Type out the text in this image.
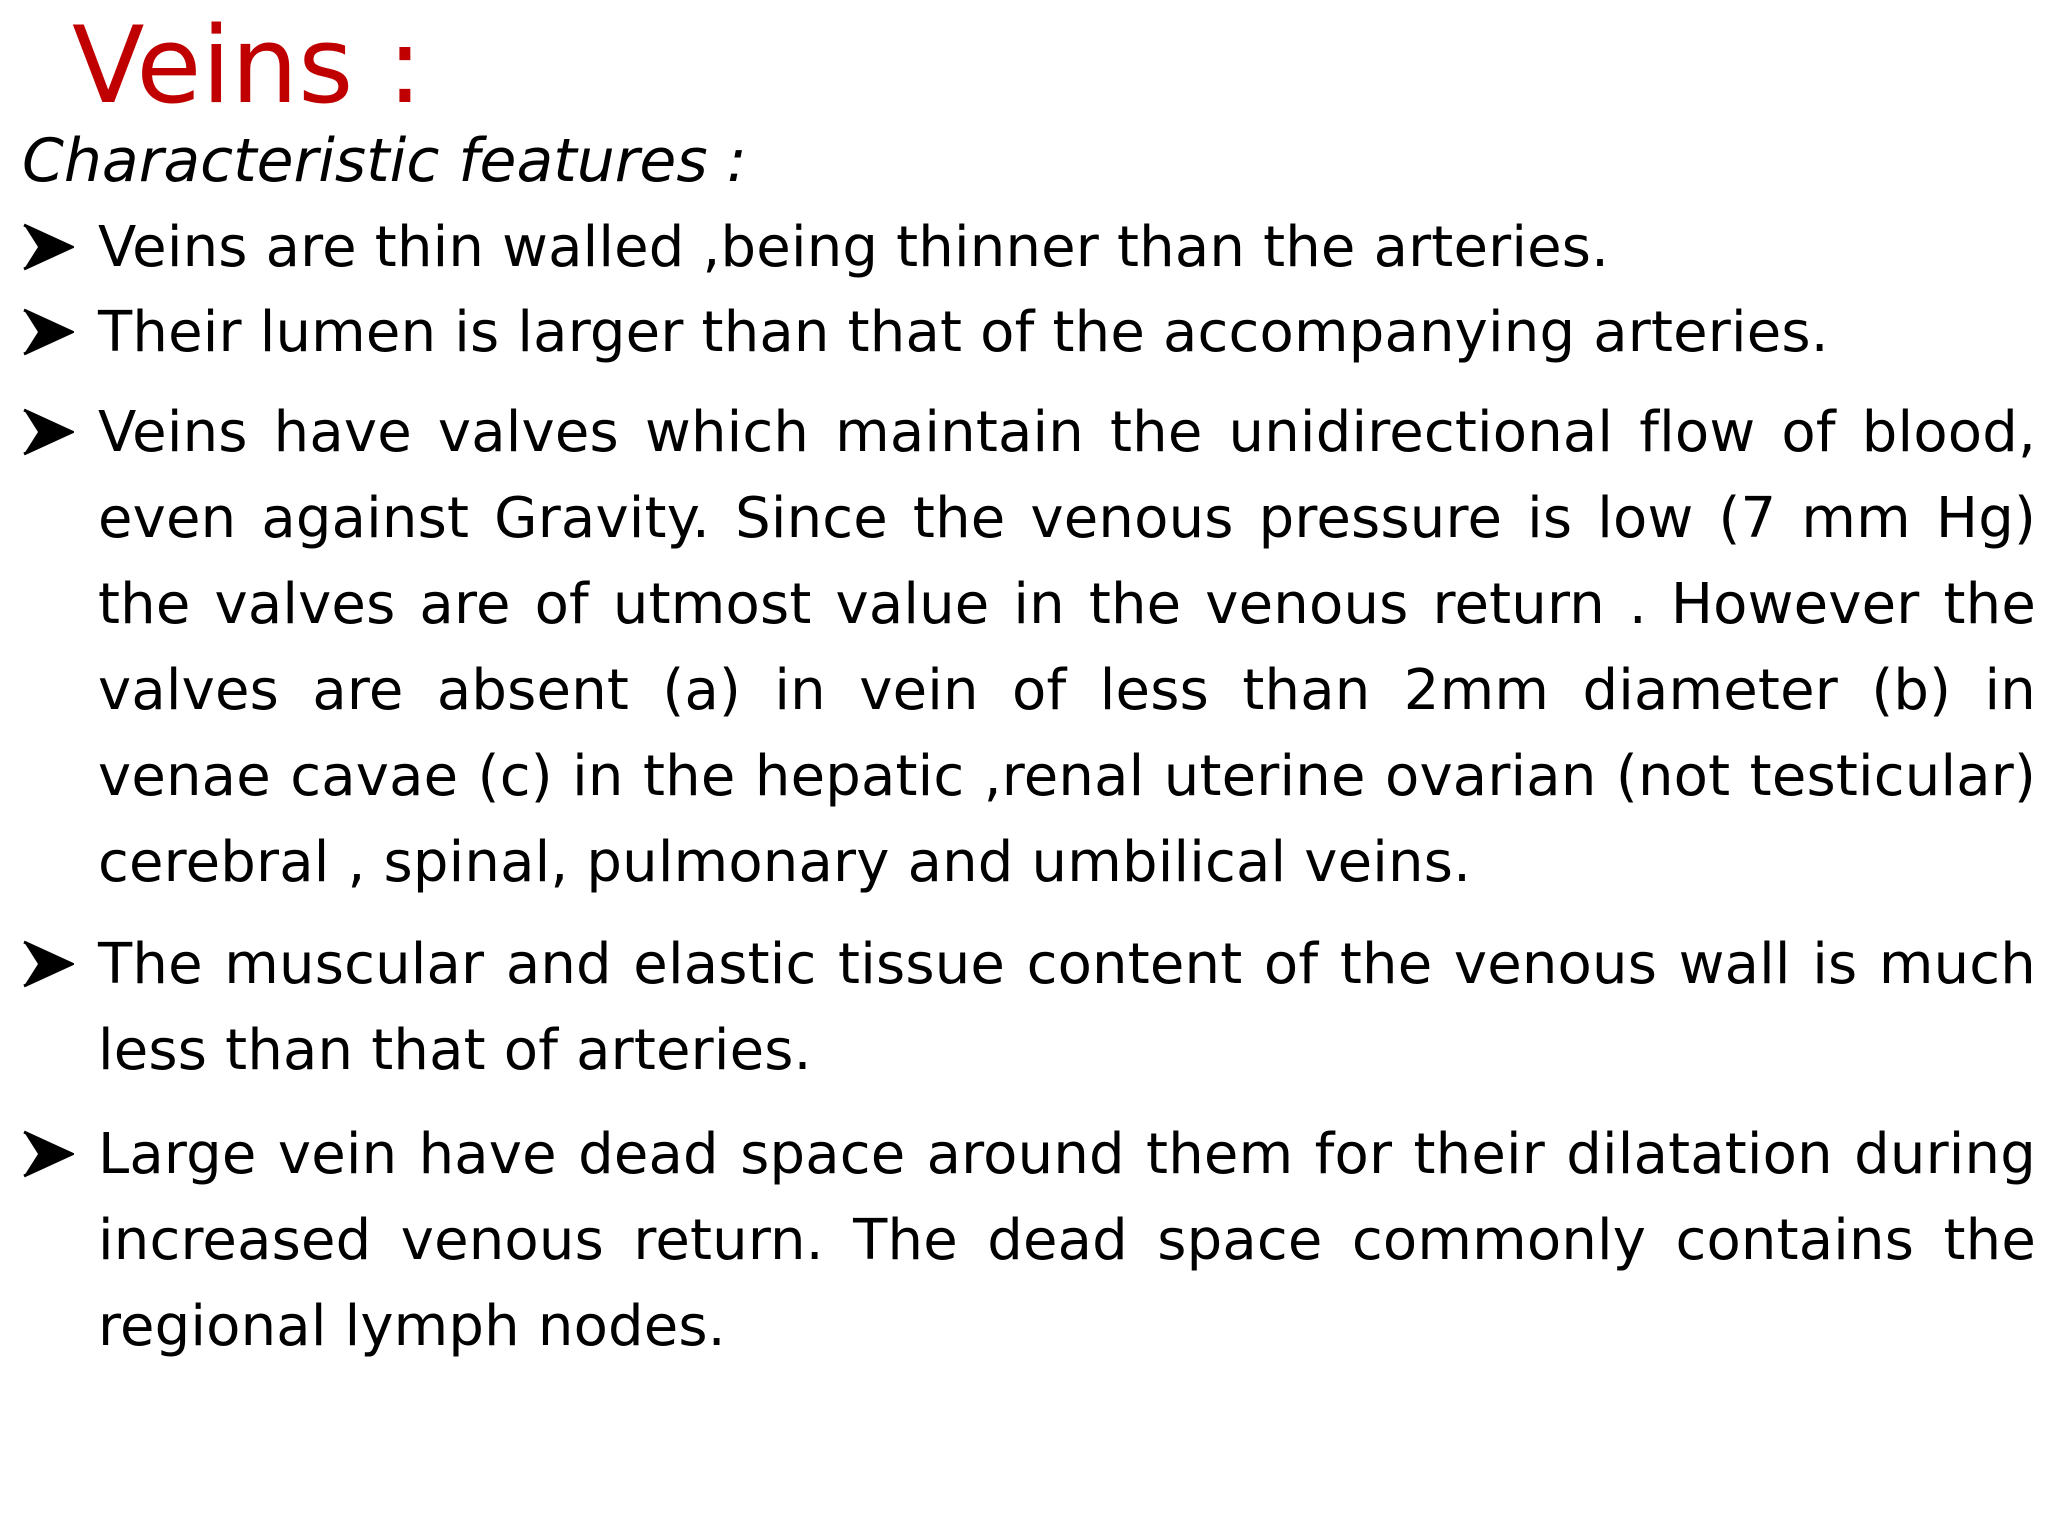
Veins :
Characteristic features :
Veins are thin walled ,being thinner than the arteries.
Their lumen is larger than that of the accompanying arteries.
Veins have valves which maintain the unidirectional flow of blood, even against Gravity. Since the venous pressure is low (7 mm Hg) the valves are of utmost value in the venous return . However the valves are absent (a) in vein of less than 2mm diameter (b) in venae cavae (c) in the hepatic ,renal uterine ovarian (not testicular) cerebral , spinal, pulmonary and umbilical veins.
The muscular and elastic tissue content of the venous wall is much less than that of arteries.
Large vein have dead space around them for their dilatation during increased venous return. The dead space commonly contains the regional lymph nodes.
